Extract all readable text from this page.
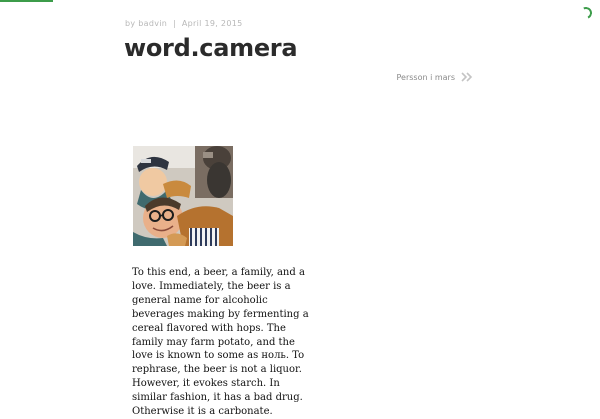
by badvin | April 19, 2015
word.camera
Persson i mars

To this end, a beer, a family, and a love. Immediately, the beer is a general name for alcoholic beverages making by fermenting a cereal flavored with hops. The family may farm potato, and the love is known to some as ноль. To rephrase, the beer is not a liquor. However, it evokes starch. In similar fashion, it has a bad drug. Otherwise it is a carbonate.
